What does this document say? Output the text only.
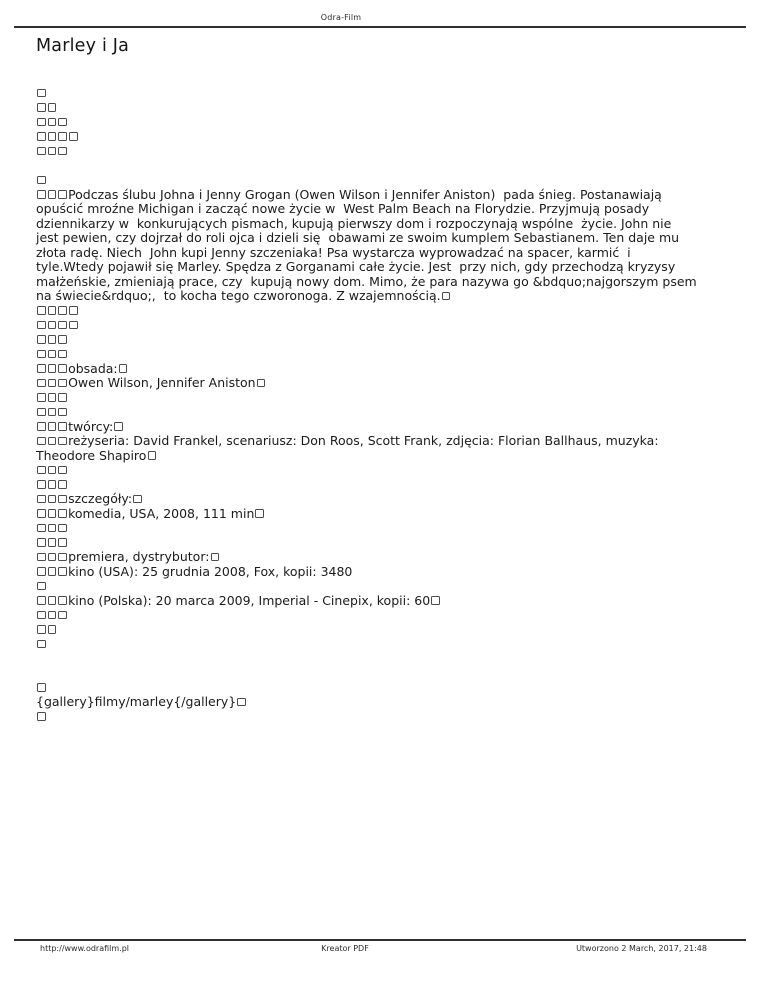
Odra-Film
Marley i Ja
Podczas ślubu Johna i Jenny Grogan (Owen Wilson i Jennifer Aniston)  pada śnieg. Postanawiają
opuścić mroźne Michigan i zacząć nowe życie w  West Palm Beach na Florydzie. Przyjmują posady
dziennikarzy w  konkurujących pismach, kupują pierwszy dom i rozpoczynają wspólne  życie. John nie
jest pewien, czy dojrzał do roli ojca i dzieli się  obawami ze swoim kumplem Sebastianem. Ten daje mu
złota radę. Niech  John kupi Jenny szczeniaka! Psa wystarcza wyprowadzać na spacer, karmić  i
tyle.Wtedy pojawił się Marley. Spędza z Gorganami całe życie. Jest  przy nich, gdy przechodzą kryzysy
małżeńskie, zmieniają prace, czy  kupują nowy dom. Mimo, że para nazywa go &bdquo;najgorszym psem
na świecie&rdquo;,  to kocha tego czworonoga. Z wzajemnością.
obsada:
Owen Wilson, Jennifer Aniston
twórcy:
reżyseria: David Frankel, scenariusz: Don Roos, Scott Frank, zdjęcia: Florian Ballhaus, muzyka:
Theodore Shapiro
szczegóły:
komedia, USA, 2008, 111 min
premiera, dystrybutor:
kino (USA): 25 grudnia 2008, Fox, kopii: 3480
kino (Polska): 20 marca 2009, Imperial - Cinepix, kopii: 60
{gallery}filmy/marley{/gallery}
http://www.odrafilm.pl	Kreator PDF	Utworzono 2 March, 2017, 21:48
